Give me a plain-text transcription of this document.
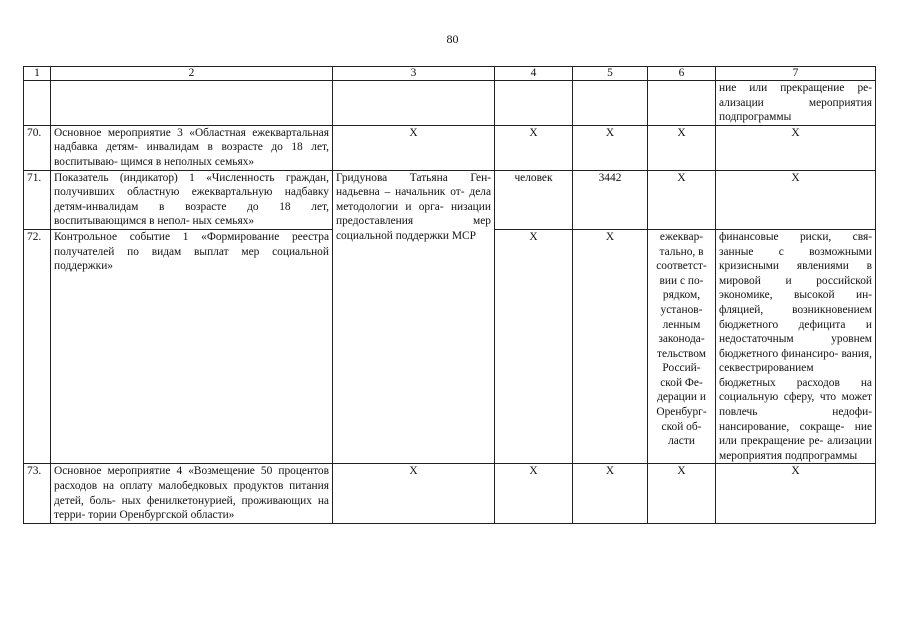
80
1	2	3	4	5	6	7
						ние или прекращение ре- ализации мероприятия подпрограммы
70.	Основное мероприятие 3 «Областная ежеквартальная надбавка детям- инвалидам в возрасте до 18 лет, воспитываю- щимся в неполных семьях»	X	X	X	X	X
71.	Показатель (индикатор) 1 «Численность граждан, получивших областную ежеквартальную надбавку детям-инвалидам в возрасте до 18 лет, воспитывающимся в непол- ных семьях»	Гридунова Татьяна Ген- надьевна – начальник от- дела методологии и орга- низации предоставления мер социальной поддержки МСР	человек	3442	X	X
72.	Контрольное событие 1 «Формирование реестра получателей по видам выплат мер социальной поддержки»		X	X	ежеквар- тально, в соответст- вии с по- рядком, установ- ленным законода- тельством Россий- ской Фе- дерации и Оренбург- ской об- ласти	финансовые риски, свя- занные с возможными кризисными явлениями в мировой и российской экономике, высокой ин- фляцией, возникновением бюджетного дефицита и недостаточным уровнем бюджетного финансиро- вания, секвестрированием бюджетных расходов на социальную сферу, что может повлечь недофи- нансирование, сокраще- ние или прекращение ре- ализации мероприятия подпрограммы
73.	Основное мероприятие 4 «Возмещение 50 процентов расходов на оплату малобедковых продуктов питания детей, боль- ных фенилкетонурией, проживающих на терри- тории Оренбургской области»	X	X	X	X	X
